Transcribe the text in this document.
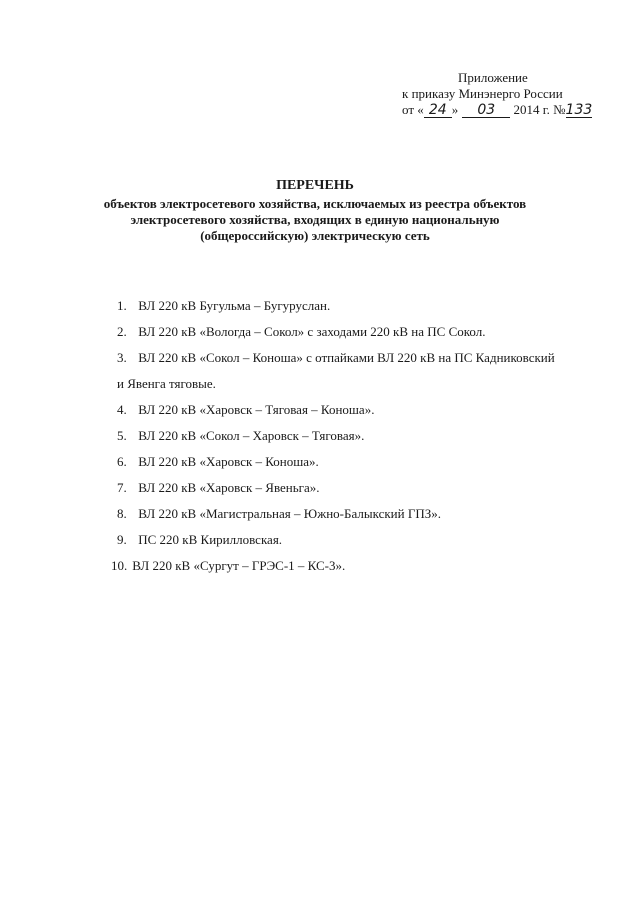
Приложение
к приказу Минэнерго России
от « 24 » 03 2014 г. №133
ПЕРЕЧЕНЬ
объектов электросетевого хозяйства, исключаемых из реестра объектов
электросетевого хозяйства, входящих в единую национальную
(общероссийскую) электрическую сеть
1. ВЛ 220 кВ Бугульма – Бугуруслан.
2. ВЛ 220 кВ «Вологда – Сокол» с заходами 220 кВ на ПС Сокол.
3. ВЛ 220 кВ «Сокол – Коноша» с отпайками ВЛ 220 кВ на ПС Кадниковский
и Явенга тяговые.
4. ВЛ 220 кВ «Харовск – Тяговая – Коноша».
5. ВЛ 220 кВ «Сокол – Харовск – Тяговая».
6. ВЛ 220 кВ «Харовск – Коноша».
7. ВЛ 220 кВ «Харовск – Явеньга».
8. ВЛ 220 кВ «Магистральная – Южно-Балыкский ГПЗ».
9. ПС 220 кВ Кирилловская.
10. ВЛ 220 кВ «Сургут – ГРЭС-1 – КС-3».
